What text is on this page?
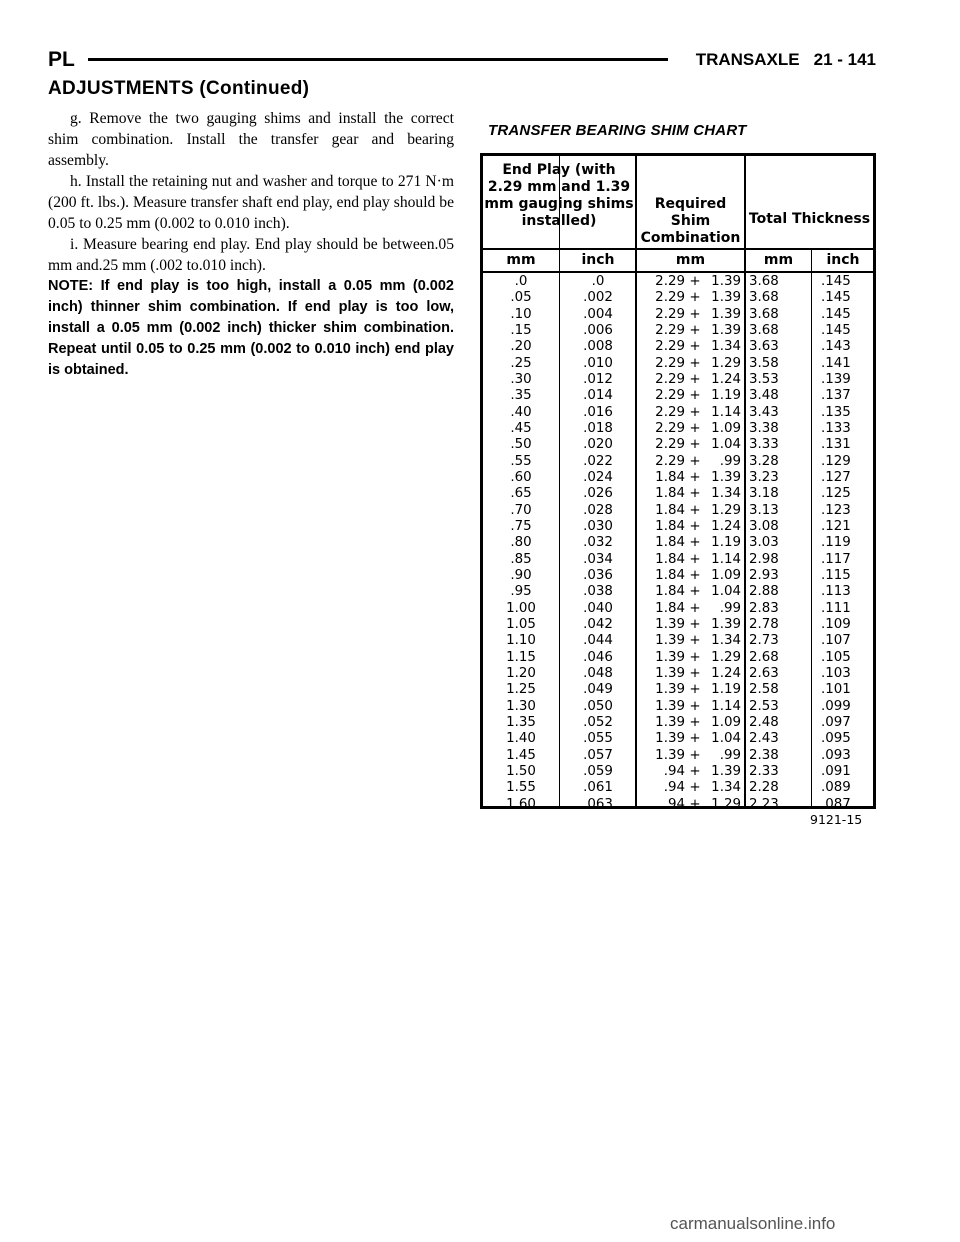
PL	TRANSAXLE 21 - 141
ADJUSTMENTS (Continued)

g. Remove the two gauging shims and install the correct shim combination. Install the transfer gear and bearing assembly.

h. Install the retaining nut and washer and torque to 271 N·m (200 ft. lbs.). Measure transfer shaft end play, end play should be 0.05 to 0.25 mm (0.002 to 0.010 inch).

i. Measure bearing end play. End play should be between.05 mm and.25 mm (.002 to.010 inch).

NOTE: If end play is too high, install a 0.05 mm (0.002 inch) thinner shim combination. If end play is too low, install a 0.05 mm (0.002 inch) thicker shim combination. Repeat until 0.05 to 0.25 mm (0.002 to 0.010 inch) end play is obtained.

TRANSFER BEARING SHIM CHART
End Play (with 2.29 mm and 1.39 mm gauging shims installed)
Required Shim Combination
Total Thickness
mm	inch	mm	mm	inch
.0	.0	2.29 + 1.39 3.68	.145
.05	.002	2.29 + 1.39 3.68	.145
.10	.004	2.29 + 1.39 3.68	.145
.15	.006	2.29 + 1.39 3.68	.145
.20	.008	2.29 + 1.34 3.63	.143
.25	.010	2.29 + 1.29 3.58	.141
.30	.012	2.29 + 1.24 3.53	.139
.35	.014	2.29 + 1.19 3.48	.137
.40	.016	2.29 + 1.14 3.43	.135
.45	.018	2.29 + 1.09 3.38	.133
.50	.020	2.29 + 1.04 3.33	.131
.55	.022	2.29 +	.99 3.28	.129
.60	.024	1.84 + 1.39 3.23	.127
.65	.026	1.84 + 1.34 3.18	.125
.70	.028	1.84 + 1.29 3.13	.123
.75	.030	1.84 + 1.24 3.08	.121
.80	.032	1.84 + 1.19 3.03	.119
.85	.034	1.84 + 1.14 2.98	.117
.90	.036	1.84 + 1.09 2.93	.115
.95	.038	1.84 + 1.04 2.88	.113
1.00	.040	1.84 +	.99 2.83	.111
1.05	.042	1.39 + 1.39 2.78	.109
1.10	.044	1.39 + 1.34 2.73	.107
1.15	.046	1.39 + 1.29 2.68	.105
1.20	.048	1.39 + 1.24 2.63	.103
1.25	.049	1.39 + 1.19 2.58	.101
1.30	.050	1.39 + 1.14 2.53	.099
1.35	.052	1.39 + 1.09 2.48	.097
1.40	.055	1.39 + 1.04 2.43	.095
1.45	.057	1.39 +	.99 2.38	.093
1.50	.059	.94 + 1.39 2.33	.091
1.55	.061	.94 + 1.34 2.28	.089
1.60	.063	.94 + 1.29 2.23	.087
9121-15
carmanualsonline.info
